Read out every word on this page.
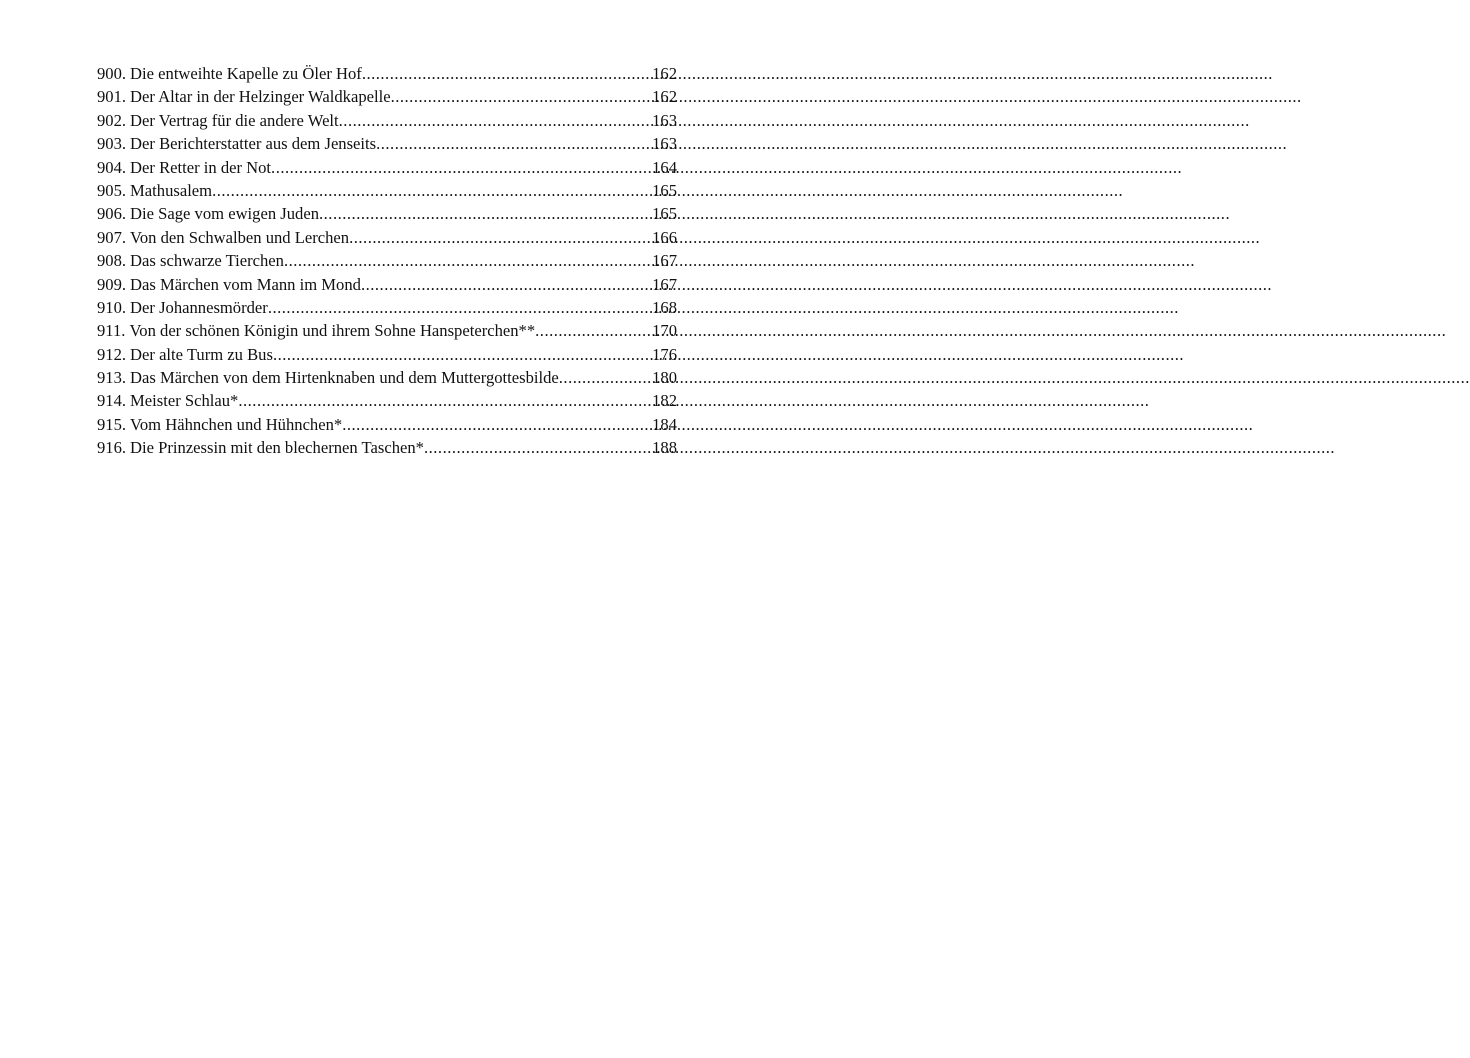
900. Die entweihte Kapelle zu Öler Hof .....	162
901. Der Altar in der Helzinger Waldkapelle .....	162
902. Der Vertrag für die andere Welt .....	163
903. Der Berichterstatter aus dem Jenseits .....	163
904. Der Retter in der Not .....	164
905. Mathusalem .....	165
906. Die Sage vom ewigen Juden .....	165
907. Von den Schwalben und Lerchen .....	166
908. Das schwarze Tierchen .....	167
909. Das Märchen vom Mann im Mond .....	167
910. Der Johannesmörder .....	168
911. Von der schönen Königin und ihrem Sohne Hanspeterchen** .....	170
912. Der alte Turm zu Bus .....	176
913. Das Märchen von dem Hirtenknaben und dem Muttergottesbilde .....	180
914. Meister Schlau* .....	182
915. Vom Hähnchen und Hühnchen* .....	184
916. Die Prinzessin mit den blechernen Taschen* .....	188
